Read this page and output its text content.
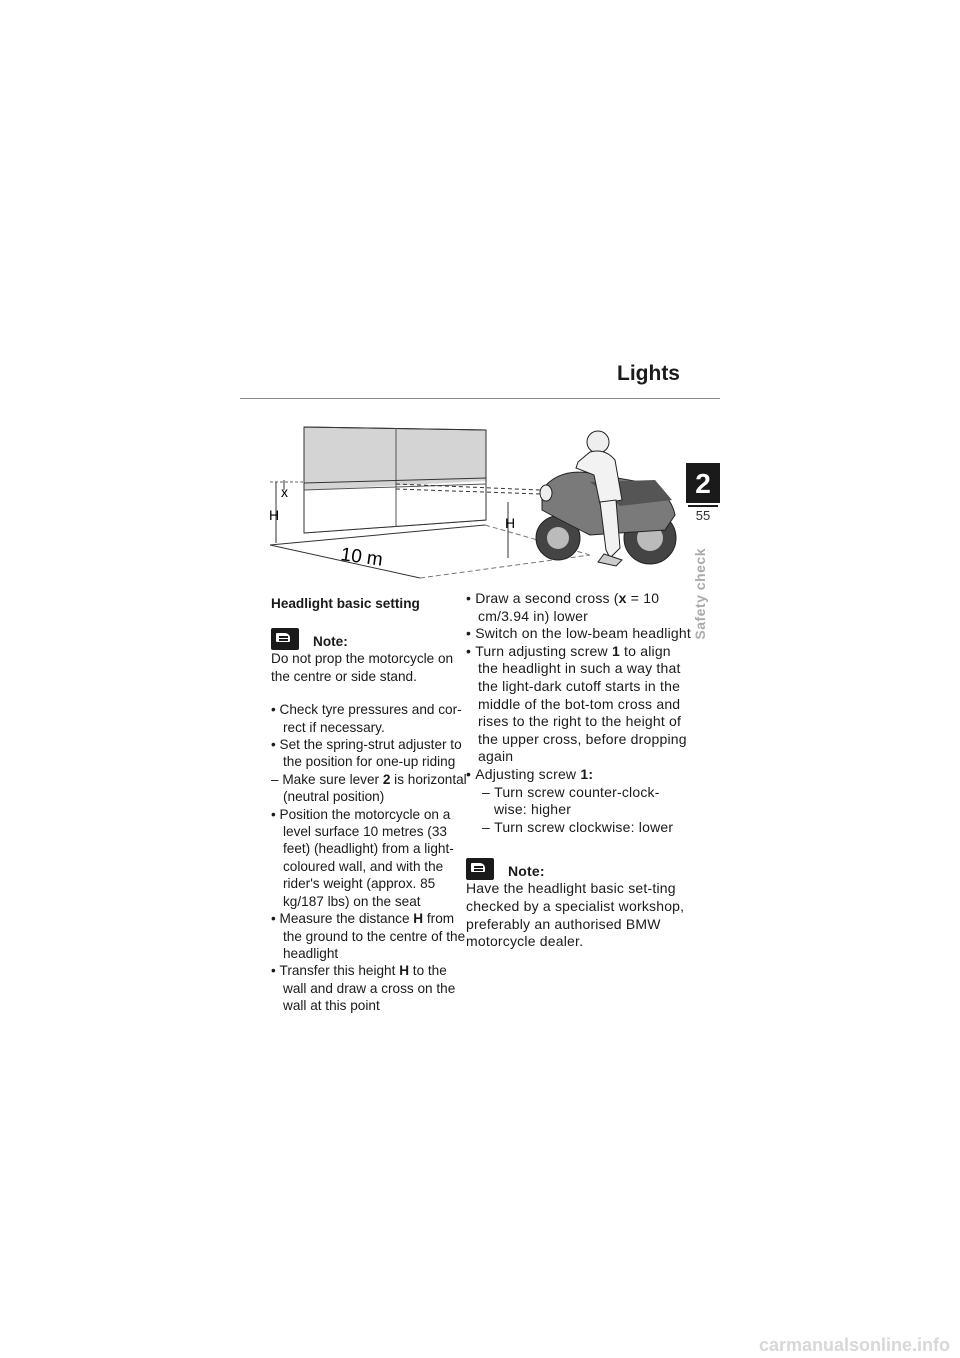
Lights
2
55
Safety check
x
H	H
10 m

Headlight basic setting

Note:

Do not prop the motorcycle on the centre or side stand.

• Check tyre pressures and cor-rect if necessary.

• Set the spring-strut adjuster to the position for one-up riding

– Make sure lever 2 is horizontal (neutral position)

• Position the motorcycle on a level surface 10 metres (33 feet) (headlight) from a light-coloured wall, and with the rider's weight (approx. 85 kg/187 lbs) on the seat

• Measure the distance H from the ground to the centre of the headlight

• Transfer this height H to the wall and draw a cross on the wall at this point

• Draw a second cross (x = 10 cm/3.94 in) lower

• Switch on the low-beam headlight

• Turn adjusting screw 1 to align the headlight in such a way that the light-dark cutoff starts in the middle of the bot-tom cross and rises to the right to the height of the upper cross, before dropping again

• Adjusting screw 1:

– Turn screw counter-clock-wise: higher

– Turn screw clockwise: lower

Note:

Have the headlight basic set-ting checked by a specialist workshop, preferably an authorised BMW motorcycle dealer.

carmanualsonline.info
